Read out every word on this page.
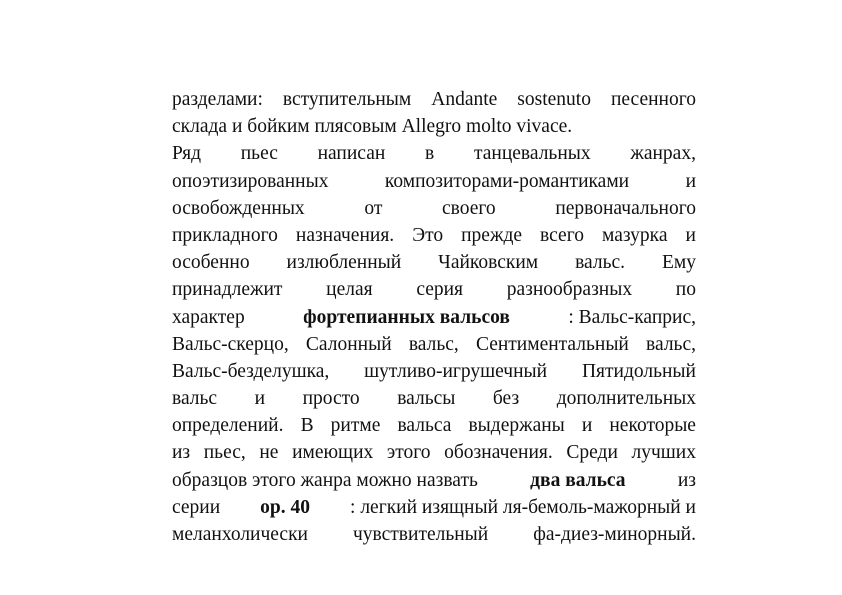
разделами: вступительным Andante sostenuto песенного
склада и бойким плясовым Allegro molto vivace.
Ряд пьес написан в танцевальных жанрах,
опоэтизированных	композиторами-романтиками	и
освобожденных	от	своего	первоначального
прикладного назначения. Это прежде всего мазурка и
особенно излюбленный Чайковским вальс. Ему
принадлежит целая серия разнообразных по
характер	фортепианных вальсов	: Вальс-каприс,
Вальс-скерцо, Салонный вальс, Сентиментальный вальс,
Вальс-безделушка, шутливо-игрушечный Пятидольный
вальс и просто вальсы без дополнительных
определений. В ритме вальса выдержаны и некоторые
из пьес, не имеющих этого обозначения. Среди лучших
образцов этого жанра можно назвать	два вальса	из
серии ор. 40 : легкий изящный ля-бемоль-мажорный и
меланхолически чувствительный фа-диез-минорный.
